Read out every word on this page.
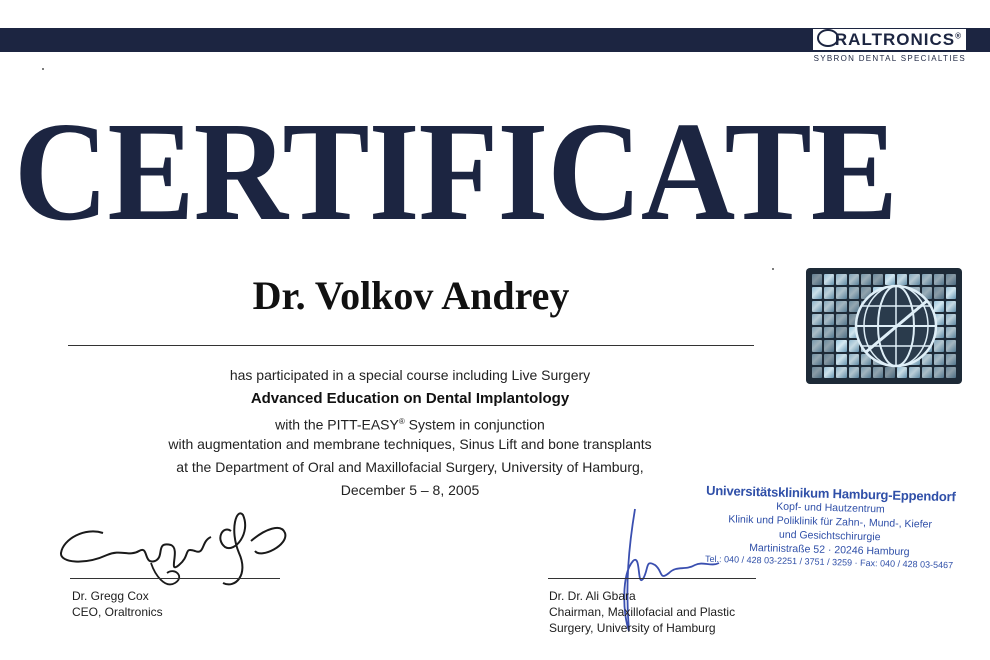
RALTRONICS®
SYBRON DENTAL SPECIALTIES
CERTIFICATE
Dr. Volkov Andrey
has participated in a special course including Live Surgery
Advanced Education on Dental Implantology
with the PITT-EASY® System in conjunction
with augmentation and membrane techniques, Sinus Lift and bone transplants
at the Department of Oral and Maxillofacial Surgery, University of Hamburg,
December 5 – 8, 2005
Dr. Gregg Cox
CEO, Oraltronics
Universitätsklinikum Hamburg-Eppendorf
Kopf- und Hautzentrum
Klinik und Poliklinik für Zahn-, Mund-, Kiefer
und Gesichtschirurgie
Martinistraße 52 · 20246 Hamburg
Tel.: 040 / 428 03-2251 / 3751 / 3259 · Fax: 040 / 428 03-5467
Dr. Dr. Ali Gbara
Chairman, Maxillofacial and Plastic
Surgery, University of Hamburg
